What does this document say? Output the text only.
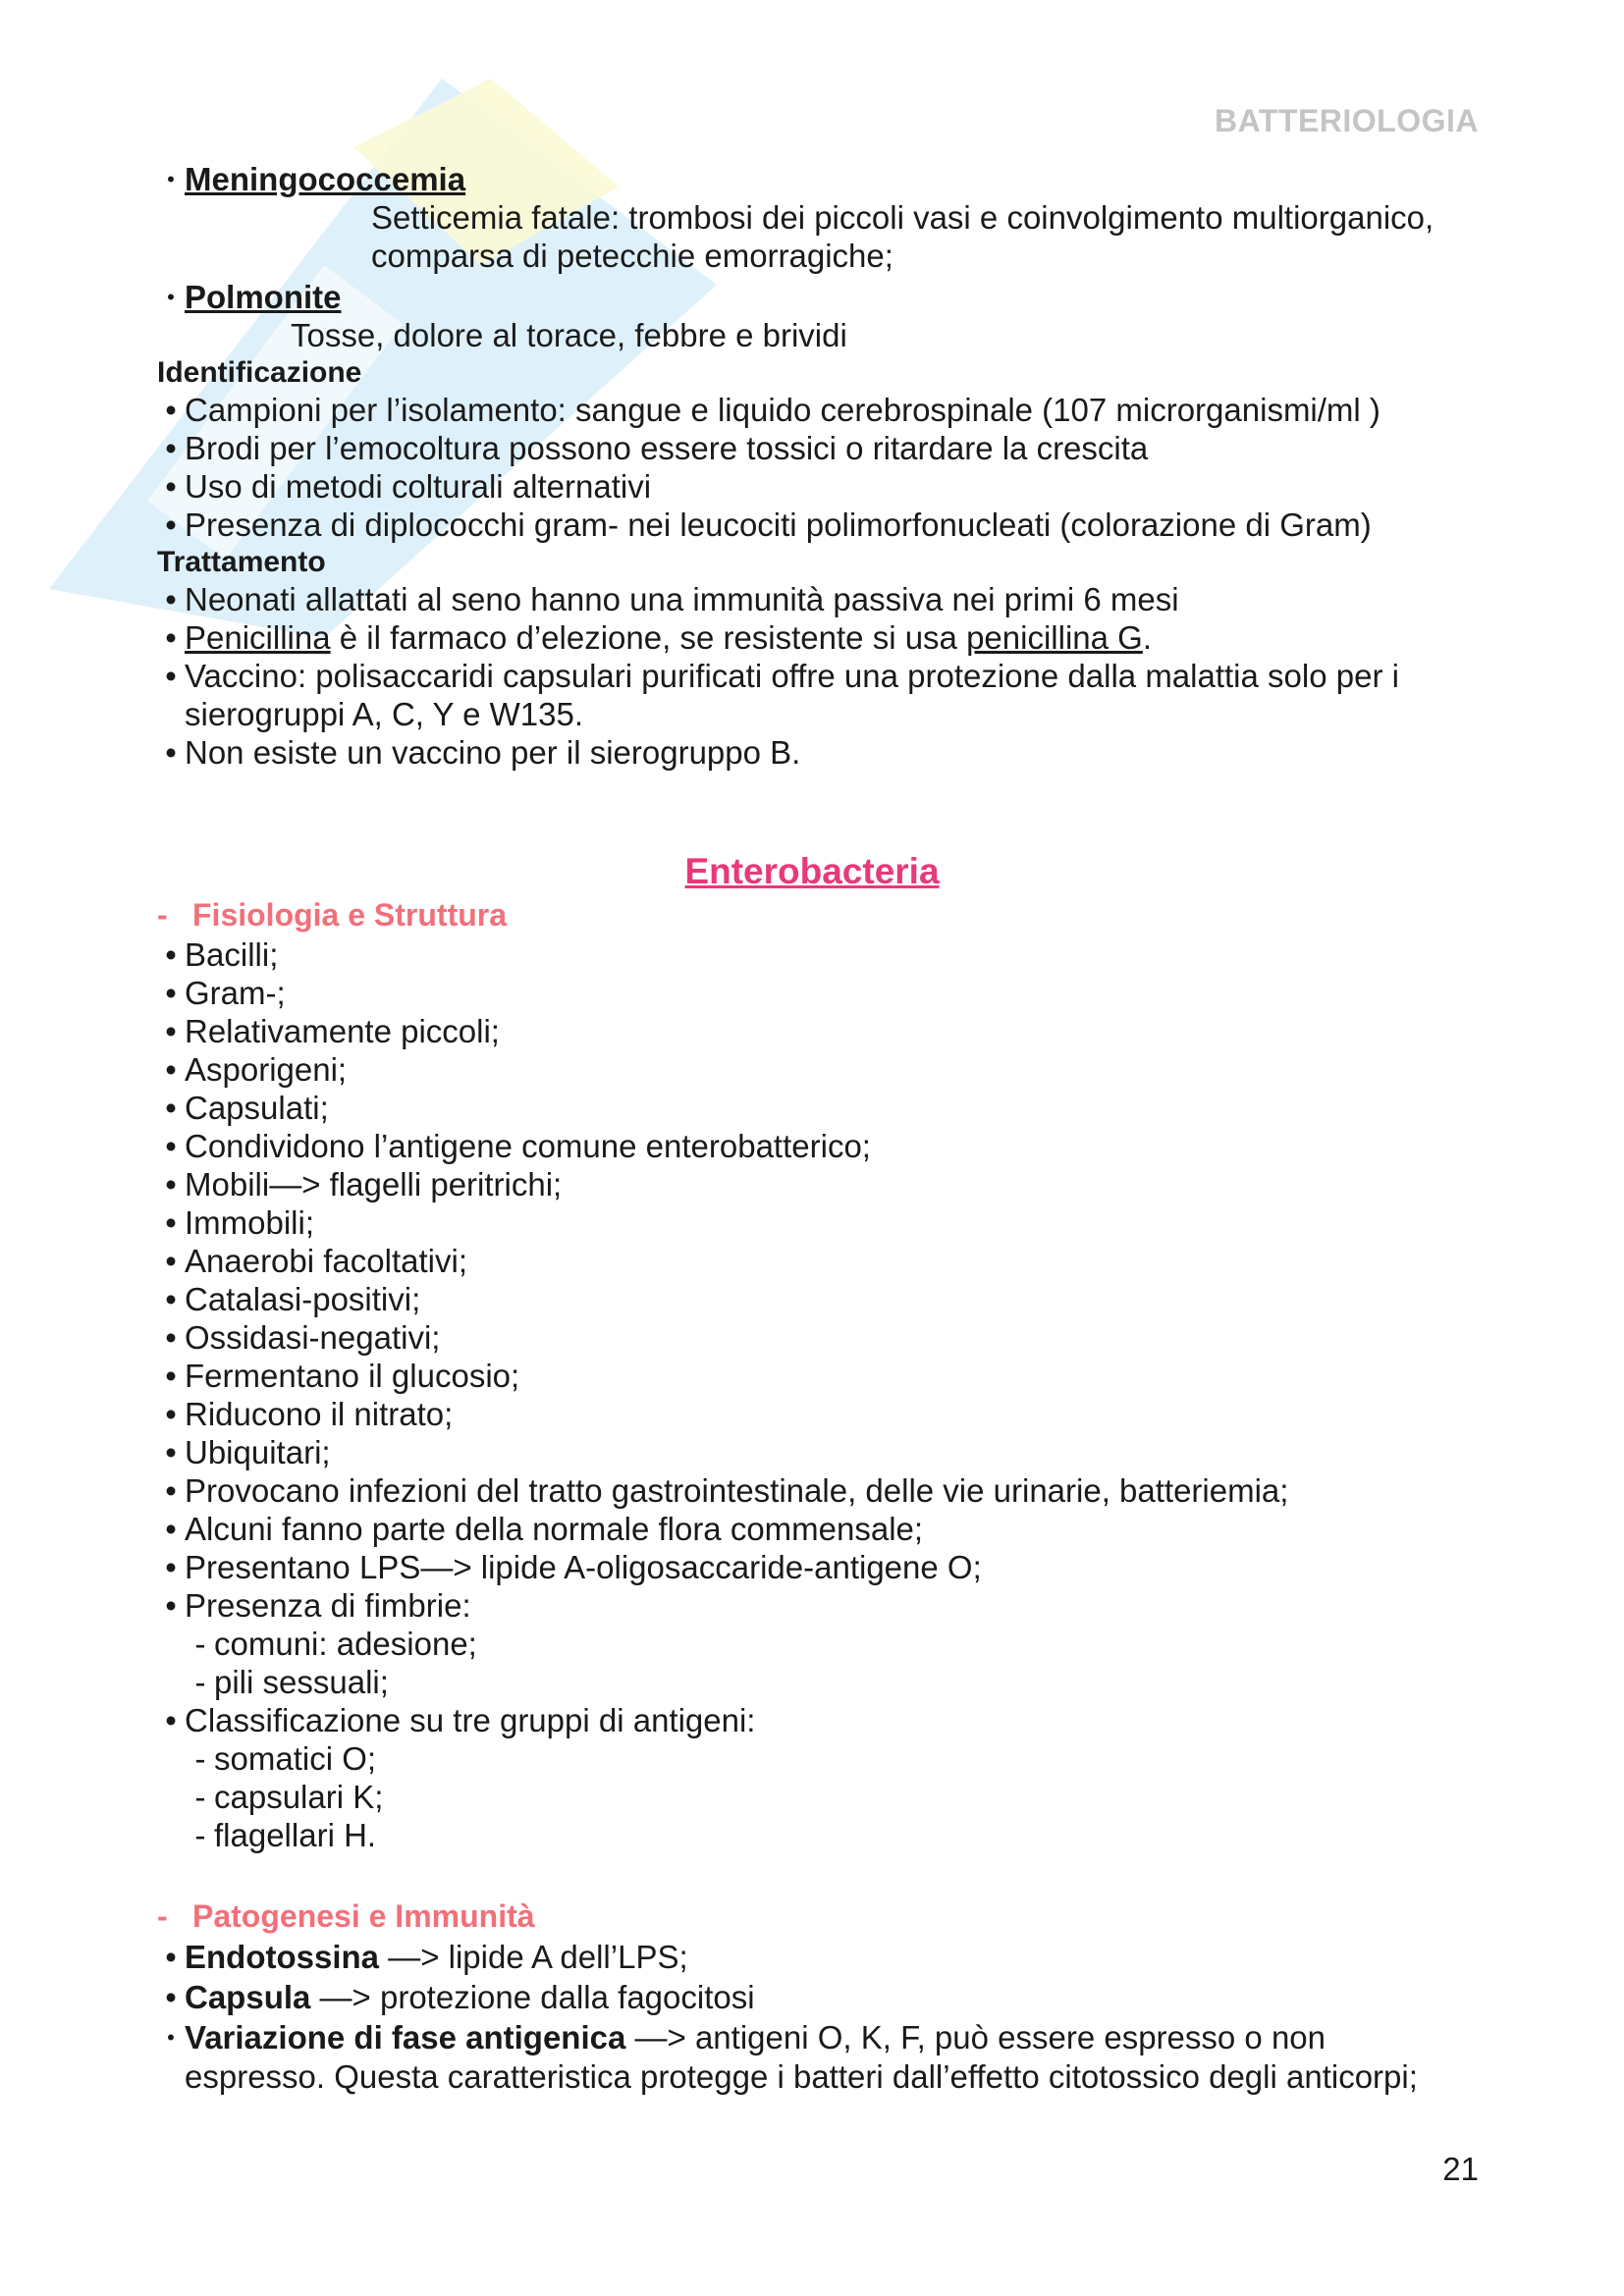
BATTERIOLOGIA
• Meningococcemia
Setticemia fatale: trombosi dei piccoli vasi e coinvolgimento multiorganico,
comparsa di petecchie emorragiche;
• Polmonite
Tosse, dolore al torace, febbre e brividi
Identificazione
• Campioni per l’isolamento: sangue e liquido cerebrospinale (107 microrganismi/ml )
• Brodi per l’emocoltura possono essere tossici o ritardare la crescita
• Uso di metodi colturali alternativi
• Presenza di diplococchi gram- nei leucociti polimorfonucleati (colorazione di Gram)
Trattamento
• Neonati allattati al seno hanno una immunità passiva nei primi 6 mesi
• Penicillina è il farmaco d’elezione, se resistente si usa penicillina G.
• Vaccino: polisaccaridi capsulari purificati offre una protezione dalla malattia solo per i
sierogruppi A, C, Y e W135.
• Non esiste un vaccino per il sierogruppo B.
Enterobacteria
- Fisiologia e Struttura
• Bacilli;
• Gram-;
• Relativamente piccoli;
• Asporigeni;
• Capsulati;
• Condividono l’antigene comune enterobatterico;
• Mobili—> flagelli peritrichi;
• Immobili;
• Anaerobi facoltativi;
• Catalasi-positivi;
• Ossidasi-negativi;
• Fermentano il glucosio;
• Riducono il nitrato;
• Ubiquitari;
• Provocano infezioni del tratto gastrointestinale, delle vie urinarie, batteriemia;
• Alcuni fanno parte della normale flora commensale;
• Presentano LPS—> lipide A-oligosaccaride-antigene O;
• Presenza di fimbrie:
- comuni: adesione;
- pili sessuali;
• Classificazione su tre gruppi di antigeni:
- somatici O;
- capsulari K;
- flagellari H.
- Patogenesi e Immunità
• Endotossina —> lipide A dell’LPS;
• Capsula —> protezione dalla fagocitosi
• Variazione di fase antigenica —> antigeni O, K, F, può essere espresso o non
espresso. Questa caratteristica protegge i batteri dall’effetto citotossico degli anticorpi;
21
